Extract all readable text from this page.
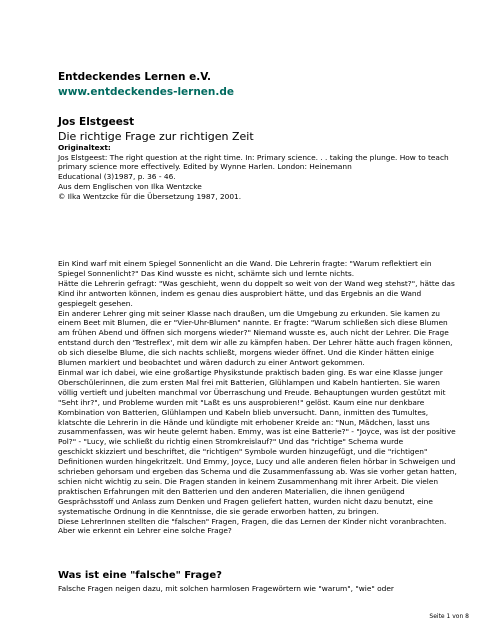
Entdeckendes Lernen e.V.
www.entdeckendes-lernen.de
Jos Elstgeest
Die richtige Frage zur richtigen Zeit
Originaltext:
Jos Elstgeest: The right question at the right time. In: Primary science. . . taking the plunge. How to teach primary science more effectively. Edited by Wynne Harlen. London: Heinemann
Educational (3)1987, p. 36 - 46.
Aus dem Englischen von Ilka Wentzcke
© Ilka Wentzcke für die Übersetzung 1987, 2001.

Ein Kind warf mit einem Spiegel Sonnenlicht an die Wand. Die Lehrerin fragte: "Warum reflektiert ein Spiegel Sonnenlicht?" Das Kind wusste es nicht, schämte sich und lernte nichts.
Hätte die Lehrerin gefragt: "Was geschieht, wenn du doppelt so weit von der Wand weg stehst?", hätte das Kind ihr antworten können, indem es genau dies ausprobiert hätte, und das Ergebnis an die Wand gespiegelt gesehen.
Ein anderer Lehrer ging mit seiner Klasse nach draußen, um die Umgebung zu erkunden. Sie kamen zu einem Beet mit Blumen, die er "Vier-Uhr-Blumen" nannte. Er fragte: "Warum schließen sich diese Blumen am frühen Abend und öffnen sich morgens wieder?" Niemand wusste es, auch nicht der Lehrer. Die Frage entstand durch den 'Testreflex', mit dem wir alle zu kämpfen haben. Der Lehrer hätte auch fragen können, ob sich dieselbe Blume, die sich nachts schließt, morgens wieder öffnet. Und die Kinder hätten einige Blumen markiert und beobachtet und wären dadurch zu einer Antwort gekommen.
Einmal war ich dabei, wie eine großartige Physikstunde praktisch baden ging. Es war eine Klasse junger Oberschülerinnen, die zum ersten Mal frei mit Batterien, Glühlampen und Kabeln hantierten. Sie waren völlig vertieft und jubelten manchmal vor Überraschung und Freude. Behauptungen wurden gestützt mit "Seht ihr?", und Probleme wurden mit "Laßt es uns ausprobieren!" gelöst. Kaum eine nur denkbare Kombination von Batterien, Glühlampen und Kabeln blieb unversucht. Dann, inmitten des Tumultes, klatschte die Lehrerin in die Hände und kündigte mit erhobener Kreide an: "Nun, Mädchen, lasst uns zusammenfassen, was wir heute gelernt haben. Emmy, was ist eine Batterie?" - "Joyce, was ist der positive Pol?" - "Lucy, wie schließt du richtig einen Stromkreislauf?" Und das "richtige" Schema wurde
geschickt skizziert und beschriftet, die "richtigen" Symbole wurden hinzugefügt, und die "richtigen" Definitionen wurden hingekritzelt. Und Emmy, Joyce, Lucy und alle anderen fielen hörbar in Schweigen und schrieben gehorsam und ergeben das Schema und die Zusammenfassung ab. Was sie vorher getan hatten, schien nicht wichtig zu sein. Die Fragen standen in keinem Zusammenhang mit ihrer Arbeit. Die vielen praktischen Erfahrungen mit den Batterien und den anderen Materialien, die ihnen genügend Gesprächsstoff und Anlass zum Denken und Fragen geliefert hatten, wurden nicht dazu benutzt, eine systematische Ordnung in die Kenntnisse, die sie gerade erworben hatten, zu bringen.
Diese LehrerInnen stellten die "falschen" Fragen, Fragen, die das Lernen der Kinder nicht voranbrachten. Aber wie erkennt ein Lehrer eine solche Frage?

Was ist eine "falsche" Frage?
Falsche Fragen neigen dazu, mit solchen harmlosen Fragewörtern wie "warum", "wie" oder
Seite 1 von 8
